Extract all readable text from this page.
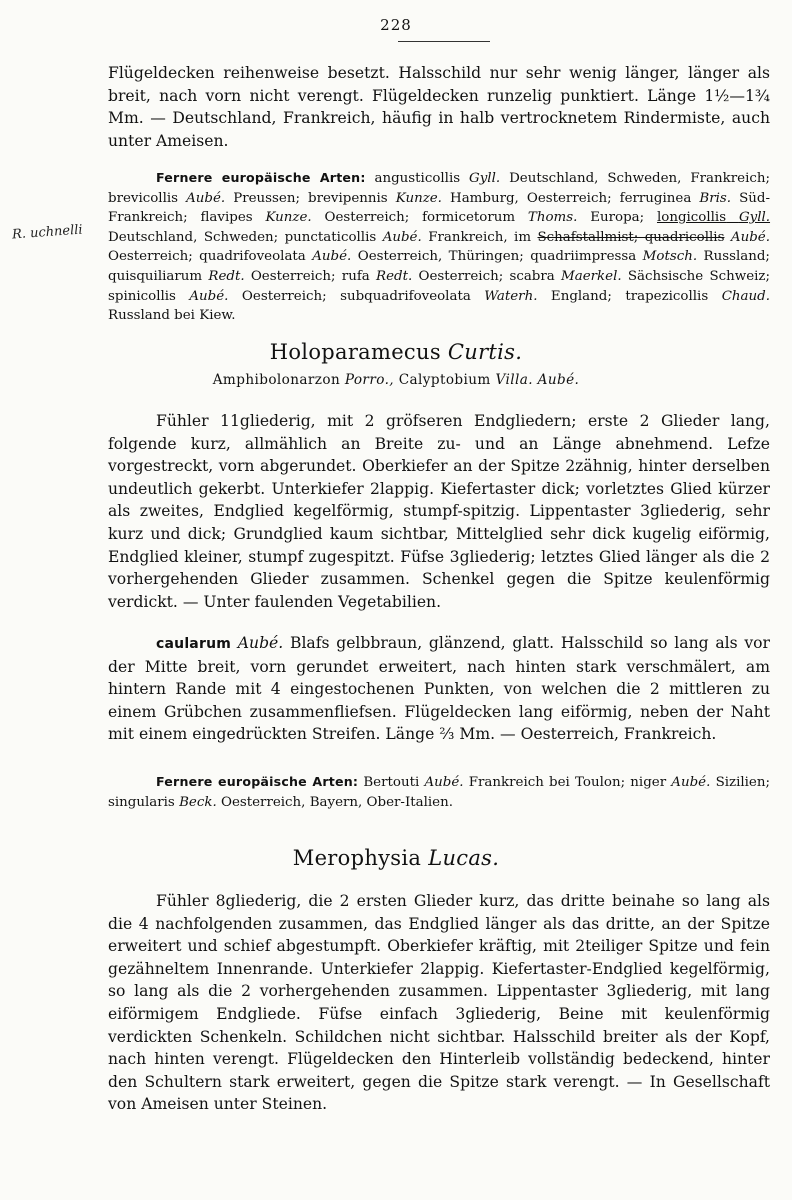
228
R. uchnelli

Flügeldecken reihenweise besetzt. Halsschild nur sehr wenig länger, länger als breit, nach vorn nicht verengt. Flügeldecken runzelig punktiert. Länge 1½—1¾ Mm. — Deutschland, Frankreich, häufig in halb vertrocknetem Rindermiste, auch unter Ameisen.

Fernere europäische Arten: angusticollis Gyll. Deutschland, Schweden, Frankreich; brevicollis Aubé. Preussen; brevipennis Kunze. Hamburg, Oesterreich; ferruginea Bris. Süd-Frankreich; flavipes Kunze. Oesterreich; formicetorum Thoms. Europa; longicollis Gyll. Deutschland, Schweden; punctaticollis Aubé. Frankreich, im Schafstallmist; quadricollis Aubé. Oesterreich; quadrifoveolata Aubé. Oesterreich, Thüringen; quadriimpressa Motsch. Russland; quisquiliarum Redt. Oesterreich; rufa Redt. Oesterreich; scabra Maerkel. Sächsische Schweiz; spinicollis Aubé. Oesterreich; subquadrifoveolata Waterh. England; trapezicollis Chaud. Russland bei Kiew.

Holoparamecus Curtis.
Amphibolonarzon Porro., Calyptobium Villa. Aubé.

Fühler 11gliederig, mit 2 gröfseren Endgliedern; erste 2 Glieder lang, folgende kurz, allmählich an Breite zu- und an Länge abnehmend. Lefze vorgestreckt, vorn abgerundet. Oberkiefer an der Spitze 2zähnig, hinter derselben undeutlich gekerbt. Unterkiefer 2lappig. Kiefertaster dick; vorletztes Glied kürzer als zweites, Endglied kegelförmig, stumpf-spitzig. Lippentaster 3gliederig, sehr kurz und dick; Grundglied kaum sichtbar, Mittelglied sehr dick kugelig eiförmig, Endglied kleiner, stumpf zugespitzt. Füfse 3gliederig; letztes Glied länger als die 2 vorhergehenden Glieder zusammen. Schenkel gegen die Spitze keulenförmig verdickt. — Unter faulenden Vegetabilien.

caularum Aubé. Blafs gelbbraun, glänzend, glatt. Halsschild so lang als vor der Mitte breit, vorn gerundet erweitert, nach hinten stark verschmälert, am hintern Rande mit 4 eingestochenen Punkten, von welchen die 2 mittleren zu einem Grübchen zusammenfliefsen. Flügeldecken lang eiförmig, neben der Naht mit einem eingedrückten Streifen. Länge ⅔ Mm. — Oesterreich, Frankreich.

Fernere europäische Arten: Bertouti Aubé. Frankreich bei Toulon; niger Aubé. Sizilien; singularis Beck. Oesterreich, Bayern, Ober-Italien.

Merophysia Lucas.

Fühler 8gliederig, die 2 ersten Glieder kurz, das dritte beinahe so lang als die 4 nachfolgenden zusammen, das Endglied länger als das dritte, an der Spitze erweitert und schief abgestumpft. Oberkiefer kräftig, mit 2teiliger Spitze und fein gezähneltem Innenrande. Unterkiefer 2lappig. Kiefertaster-Endglied kegelförmig, so lang als die 2 vorhergehenden zusammen. Lippentaster 3gliederig, mit lang eiförmigem Endgliede. Füfse einfach 3gliederig, Beine mit keulenförmig verdickten Schenkeln. Schildchen nicht sichtbar. Halsschild breiter als der Kopf, nach hinten verengt. Flügeldecken den Hinterleib vollständig bedeckend, hinter den Schultern stark erweitert, gegen die Spitze stark verengt. — In Gesellschaft von Ameisen unter Steinen.
